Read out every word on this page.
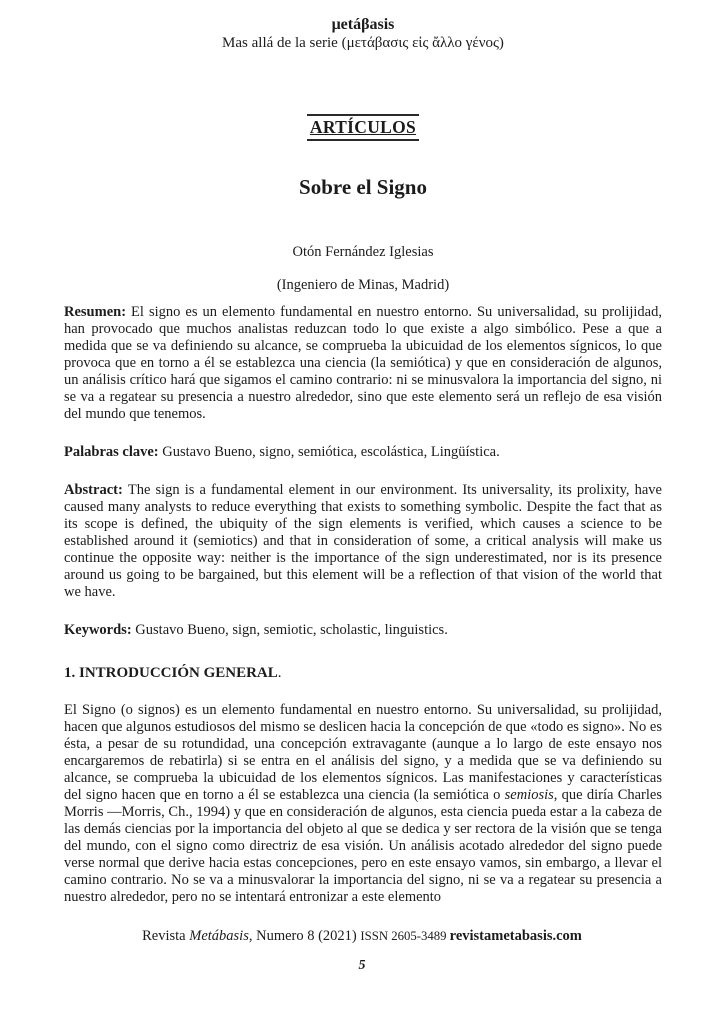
μetáβasis
Mas allá de la serie (μετάβασις εἰς ἄλλο γένος)
ARTÍCULOS
Sobre el Signo
Otón Fernández Iglesias
(Ingeniero de Minas, Madrid)

Resumen: El signo es un elemento fundamental en nuestro entorno. Su universalidad, su prolijidad, han provocado que muchos analistas reduzcan todo lo que existe a algo simbólico. Pese a que a medida que se va definiendo su alcance, se comprueba la ubicuidad de los elementos sígnicos, lo que provoca que en torno a él se establezca una ciencia (la semiótica) y que en consideración de algunos, un análisis crítico hará que sigamos el camino contrario: ni se minusvalora la importancia del signo, ni se va a regatear su presencia a nuestro alrededor, sino que este elemento será un reflejo de esa visión del mundo que tenemos.

Palabras clave: Gustavo Bueno, signo, semiótica, escolástica, Lingüística.

Abstract: The sign is a fundamental element in our environment. Its universality, its prolixity, have caused many analysts to reduce everything that exists to something symbolic. Despite the fact that as its scope is defined, the ubiquity of the sign elements is verified, which causes a science to be established around it (semiotics) and that in consideration of some, a critical analysis will make us continue the opposite way: neither is the importance of the sign underestimated, nor is its presence around us going to be bargained, but this element will be a reflection of that vision of the world that we have.

Keywords: Gustavo Bueno, sign, semiotic, scholastic, linguistics.

1. INTRODUCCIÓN GENERAL.

El Signo (o signos) es un elemento fundamental en nuestro entorno. Su universalidad, su prolijidad, hacen que algunos estudiosos del mismo se deslicen hacia la concepción de que «todo es signo». No es ésta, a pesar de su rotundidad, una concepción extravagante (aunque a lo largo de este ensayo nos encargaremos de rebatirla) si se entra en el análisis del signo, y a medida que se va definiendo su alcance, se comprueba la ubicuidad de los elementos sígnicos. Las manifestaciones y características del signo hacen que en torno a él se establezca una ciencia (la semiótica o semiosis, que diría Charles Morris —Morris, Ch., 1994) y que en consideración de algunos, esta ciencia pueda estar a la cabeza de las demás ciencias por la importancia del objeto al que se dedica y ser rectora de la visión que se tenga del mundo, con el signo como directriz de esa visión. Un análisis acotado alrededor del signo puede verse normal que derive hacia estas concepciones, pero en este ensayo vamos, sin embargo, a llevar el camino contrario. No se va a minusvalorar la importancia del signo, ni se va a regatear su presencia a nuestro alrededor, pero no se intentará entronizar a este elemento

Revista Metábasis, Numero 8 (2021) ISSN 2605-3489 revistametabasis.com
5
